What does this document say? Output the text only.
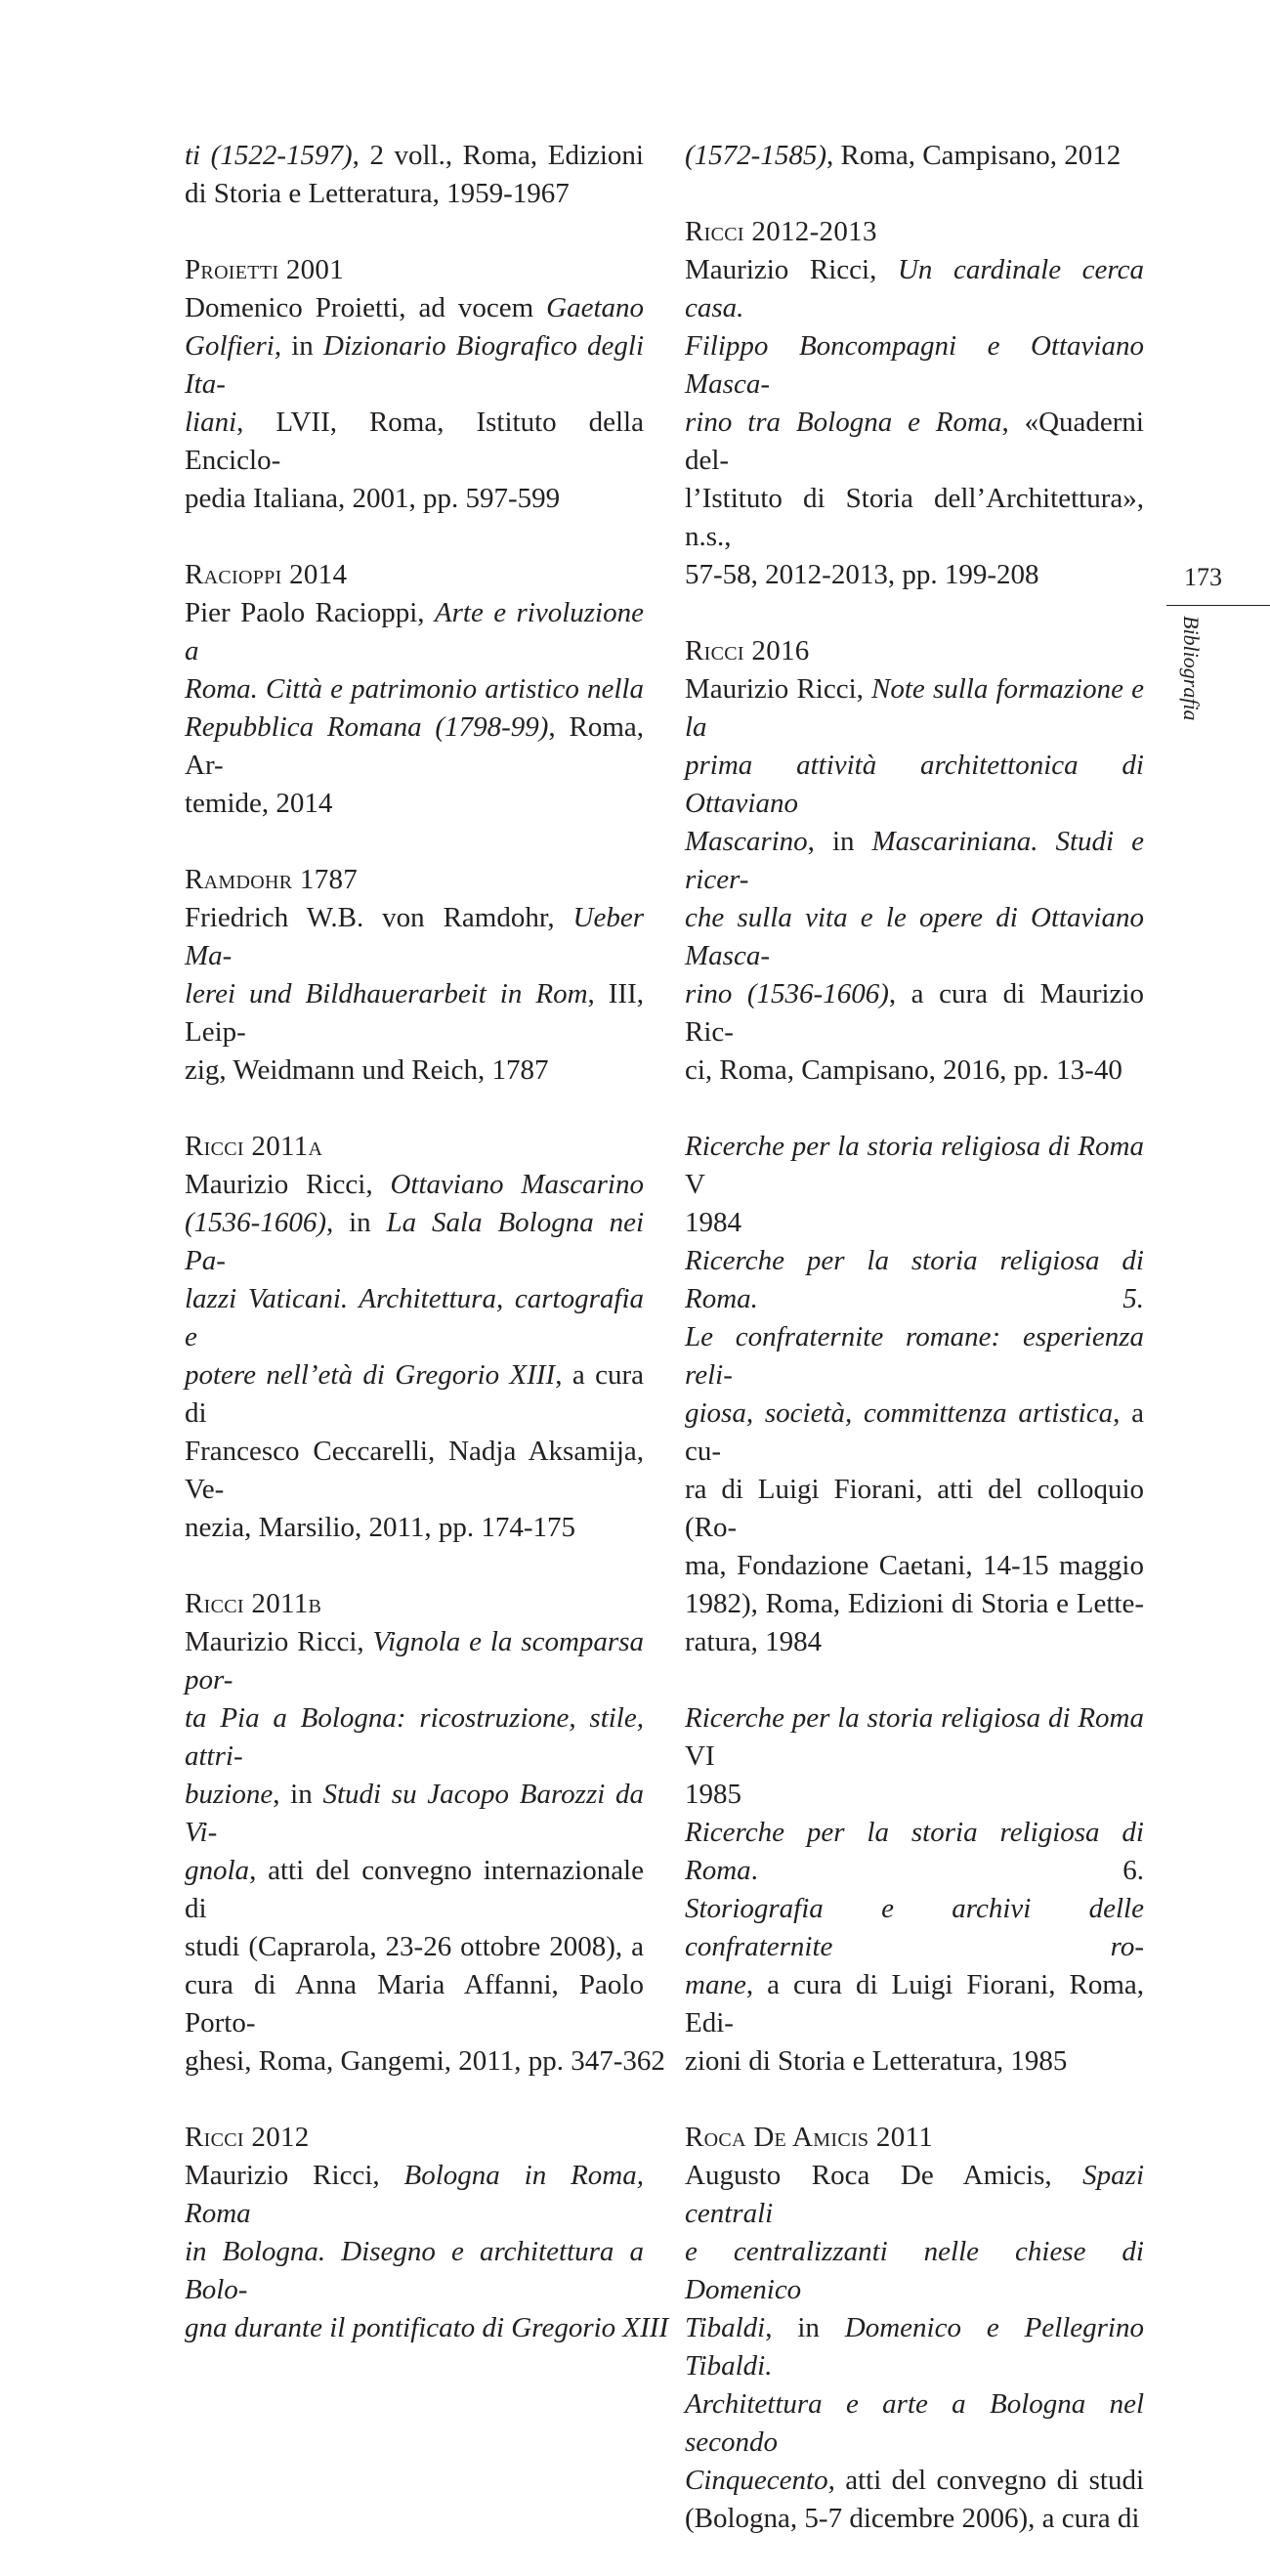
ti (1522-1597), 2 voll., Roma, Edizioni
di Storia e Letteratura, 1959-1967
Proietti 2001
Domenico Proietti, ad vocem Gaetano
Golfieri, in Dizionario Biografico degli Ita-
liani, LVII, Roma, Istituto della Enciclo-
pedia Italiana, 2001, pp. 597-599
Racioppi 2014
Pier Paolo Racioppi, Arte e rivoluzione a
Roma. Città e patrimonio artistico nella
Repubblica Romana (1798-99), Roma, Ar-
temide, 2014
Ramdohr 1787
Friedrich W.B. von Ramdohr, Ueber Ma-
lerei und Bildhauerarbeit in Rom, III, Leip-
zig, Weidmann und Reich, 1787
Ricci 2011a
Maurizio Ricci, Ottaviano Mascarino
(1536-1606), in La Sala Bologna nei Pa-
lazzi Vaticani. Architettura, cartografia e
potere nell’età di Gregorio XIII, a cura di
Francesco Ceccarelli, Nadja Aksamija, Ve-
nezia, Marsilio, 2011, pp. 174-175
Ricci 2011b
Maurizio Ricci, Vignola e la scomparsa por-
ta Pia a Bologna: ricostruzione, stile, attri-
buzione, in Studi su Jacopo Barozzi da Vi-
gnola, atti del convegno internazionale di
studi (Caprarola, 23-26 ottobre 2008), a
cura di Anna Maria Affanni, Paolo Porto-
ghesi, Roma, Gangemi, 2011, pp. 347-362
Ricci 2012
Maurizio Ricci, Bologna in Roma, Roma
in Bologna. Disegno e architettura a Bolo-
gna durante il pontificato di Gregorio XIII
(1572-1585), Roma, Campisano, 2012
Ricci 2012-2013
Maurizio Ricci, Un cardinale cerca casa.
Filippo Boncompagni e Ottaviano Masca-
rino tra Bologna e Roma, «Quaderni del-
l’Istituto di Storia dell’Architettura», n.s.,
57-58, 2012-2013, pp. 199-208
Ricci 2016
Maurizio Ricci, Note sulla formazione e la
prima attività architettonica di Ottaviano
Mascarino, in Mascariniana. Studi e ricer-
che sulla vita e le opere di Ottaviano Masca-
rino (1536-1606), a cura di Maurizio Ric-
ci, Roma, Campisano, 2016, pp. 13-40
Ricerche per la storia religiosa di Roma V
1984
Ricerche per la storia religiosa di Roma. 5.
Le confraternite romane: esperienza reli-
giosa, società, committenza artistica, a cu-
ra di Luigi Fiorani, atti del colloquio (Ro-
ma, Fondazione Caetani, 14-15 maggio
1982), Roma, Edizioni di Storia e Lette-
ratura, 1984
Ricerche per la storia religiosa di Roma VI
1985
Ricerche per la storia religiosa di Roma. 6.
Storiografia e archivi delle confraternite ro-
mane, a cura di Luigi Fiorani, Roma, Edi-
zioni di Storia e Letteratura, 1985
Roca De Amicis 2011
Augusto Roca De Amicis, Spazi centrali
e centralizzanti nelle chiese di Domenico
Tibaldi, in Domenico e Pellegrino Tibaldi.
Architettura e arte a Bologna nel secondo
Cinquecento, atti del convegno di studi
(Bologna, 5-7 dicembre 2006), a cura di
173
Bibliografia
